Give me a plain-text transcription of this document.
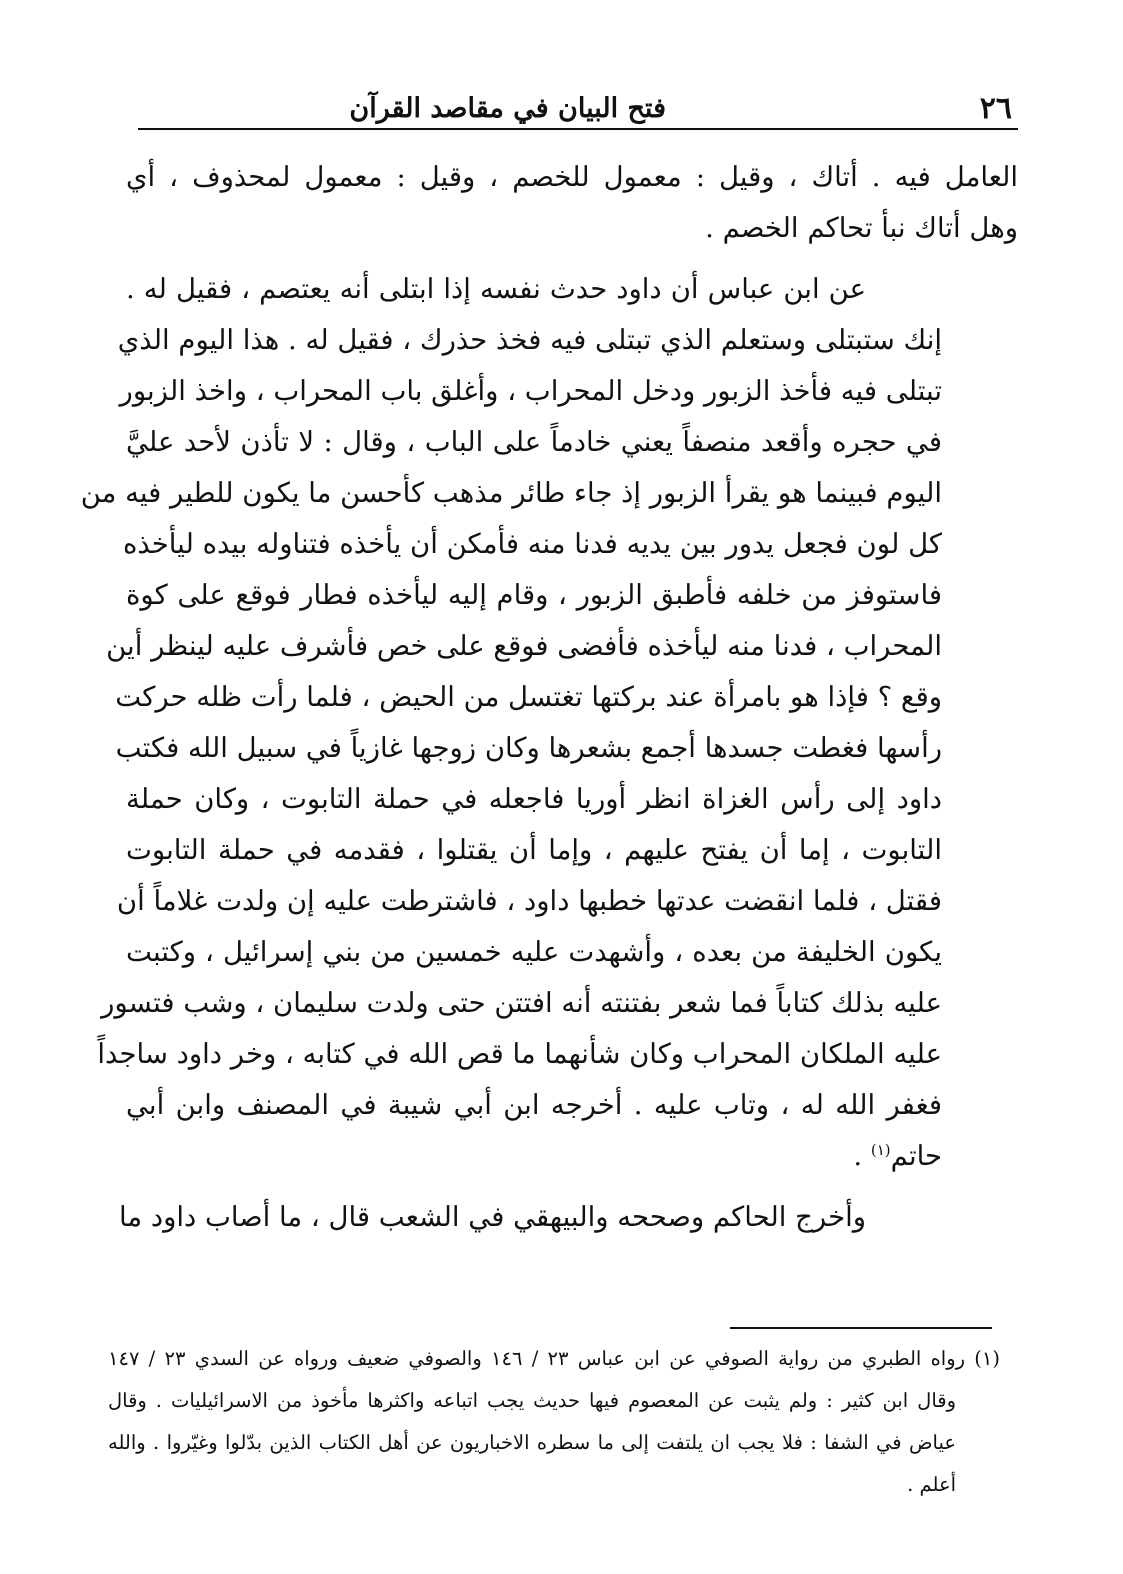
٢٦
فتح البيان في مقاصد القرآن

العامل فيه . أتاك ، وقيل : معمول للخصم ، وقيل : معمول لمحذوف ، أي
وهل أتاك نبأ تحاكم الخصم .

عن ابن عباس أن داود حدث نفسه إذا ابتلى أنه يعتصم ، فقيل له .
إنك ستبتلى وستعلم الذي تبتلى فيه فخذ حذرك ، فقيل له . هذا اليوم الذي
تبتلى فيه فأخذ الزبور ودخل المحراب ، وأغلق باب المحراب ، واخذ الزبور
في حجره وأقعد منصفاً يعني خادماً على الباب ، وقال : لا تأذن لأحد عليَّ
اليوم فبينما هو يقرأ الزبور إذ جاء طائر مذهب كأحسن ما يكون للطير فيه من
كل لون فجعل يدور بين يديه فدنا منه فأمكن أن يأخذه فتناوله بيده ليأخذه
فاستوفز من خلفه فأطبق الزبور ، وقام إليه ليأخذه فطار فوقع على كوة
المحراب ، فدنا منه ليأخذه فأفضى فوقع على خص فأشرف عليه لينظر أين
وقع ؟ فإذا هو بامرأة عند بركتها تغتسل من الحيض ، فلما رأت ظله حركت
رأسها فغطت جسدها أجمع بشعرها وكان زوجها غازياً في سبيل الله فكتب
داود إلى رأس الغزاة انظر أوريا فاجعله في حملة التابوت ، وكان حملة
التابوت ، إما أن يفتح عليهم ، وإما أن يقتلوا ، فقدمه في حملة التابوت
فقتل ، فلما انقضت عدتها خطبها داود ، فاشترطت عليه إن ولدت غلاماً أن
يكون الخليفة من بعده ، وأشهدت عليه خمسين من بني إسرائيل ، وكتبت
عليه بذلك كتاباً فما شعر بفتنته أنه افتتن حتى ولدت سليمان ، وشب فتسور
عليه الملكان المحراب وكان شأنهما ما قص الله في كتابه ، وخر داود ساجداً
فغفر الله له ، وتاب عليه . أخرجه ابن أبي شيبة في المصنف وابن أبي
حاتم$^{(١)}$ .

وأخرج الحاكم وصححه والبيهقي في الشعب قال ، ما أصاب داود ما

(١) رواه الطبري من رواية الصوفي عن ابن عباس ٢٣ / ١٤٦ والصوفي ضعيف ورواه عن السدي ٢٣ / ١٤٧
وقال ابن كثير : ولم يثبت عن المعصوم فيها حديث يجب اتباعه واكثرها مأخوذ من الاسرائيليات . وقال
عياض في الشفا : فلا يجب ان يلتفت إلى ما سطره الاخباريون عن أهل الكتاب الذين بدّلوا وغيّروا . والله
أعلم .
